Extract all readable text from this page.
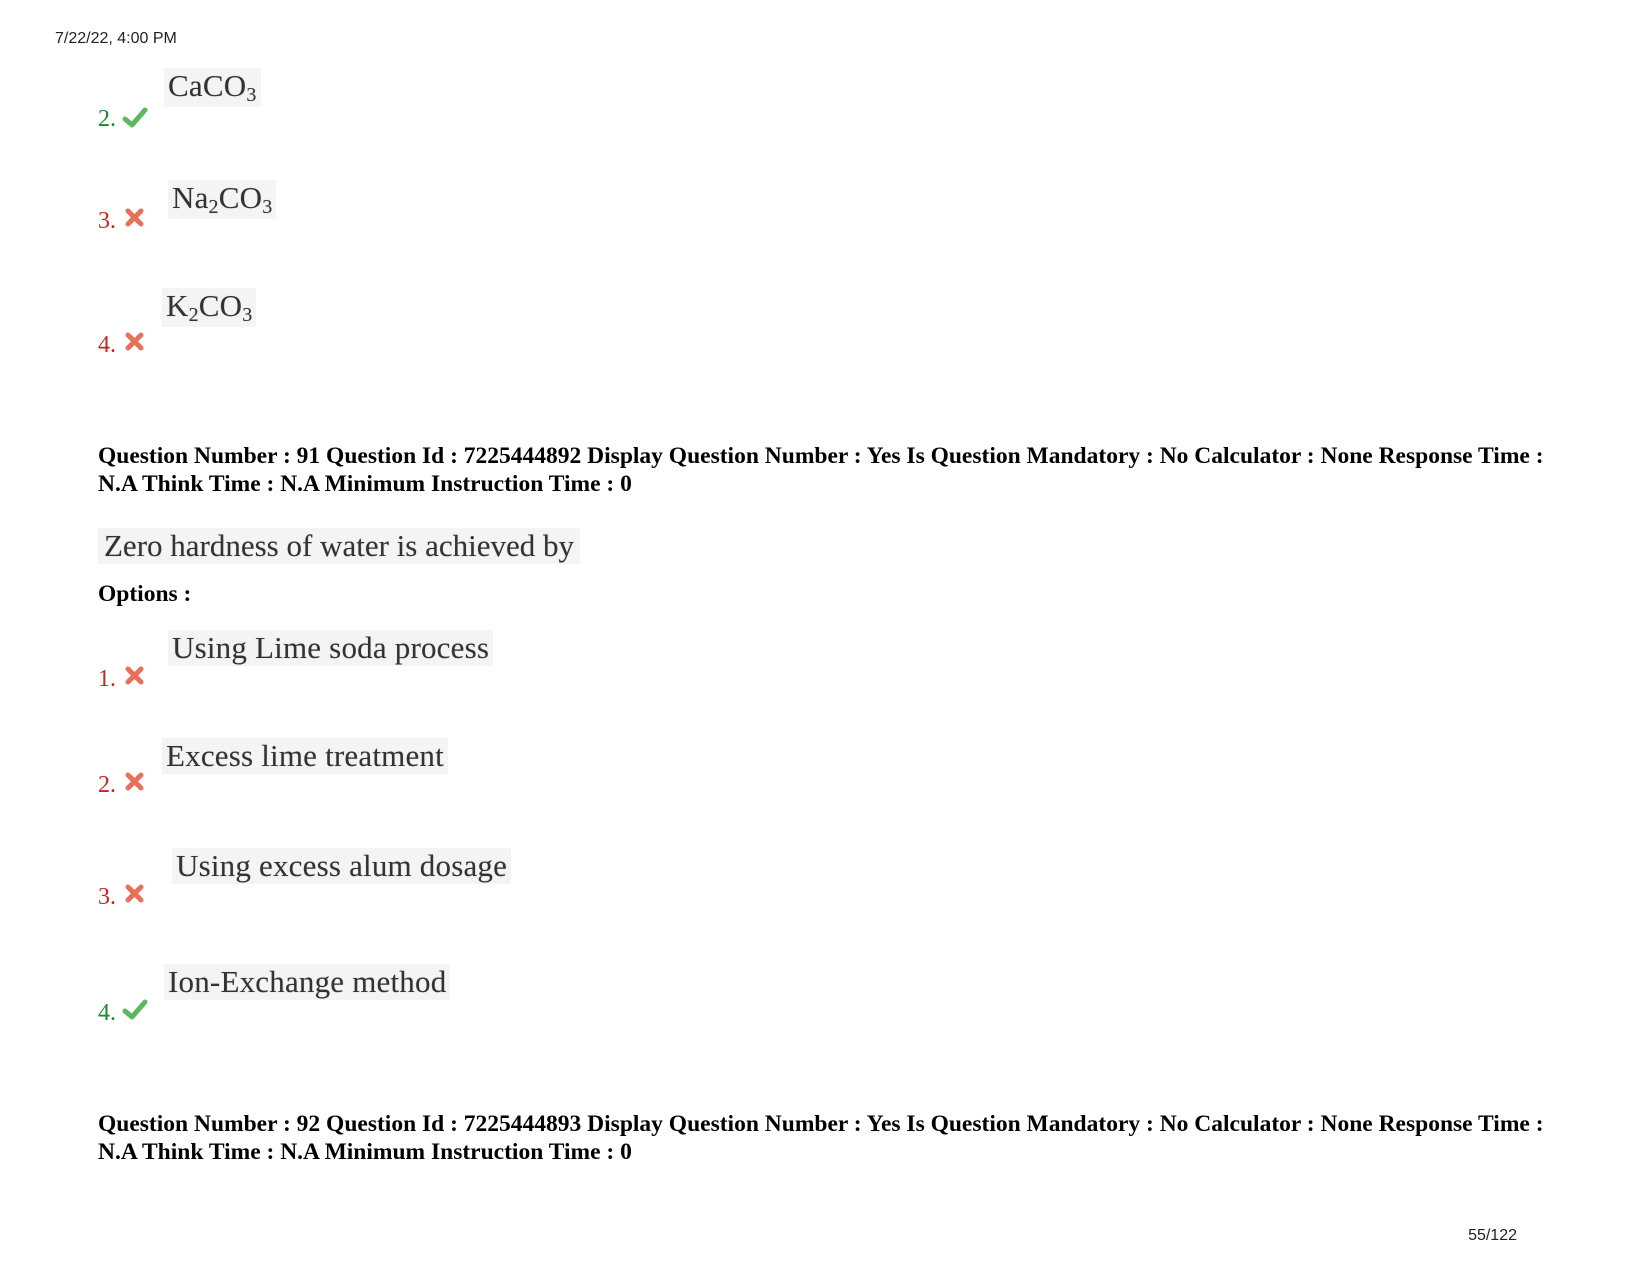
7/22/22, 4:00 PM
2.
CaCO$_3$
3.
$Na_2CO_3$
4.
$K_2CO_3$
Question Number : 91 Question Id : 7225444892 Display Question Number : Yes Is Question Mandatory : No Calculator : None Response Time : N.A Think Time : N.A Minimum Instruction Time : 0
Zero hardness of water is achieved by
Options :
1.
Using Lime soda process
2.
Excess lime treatment
3.
Using excess alum dosage
4.
Ion-Exchange method
Question Number : 92 Question Id : 7225444893 Display Question Number : Yes Is Question Mandatory : No Calculator : None Response Time : N.A Think Time : N.A Minimum Instruction Time : 0
55/122
